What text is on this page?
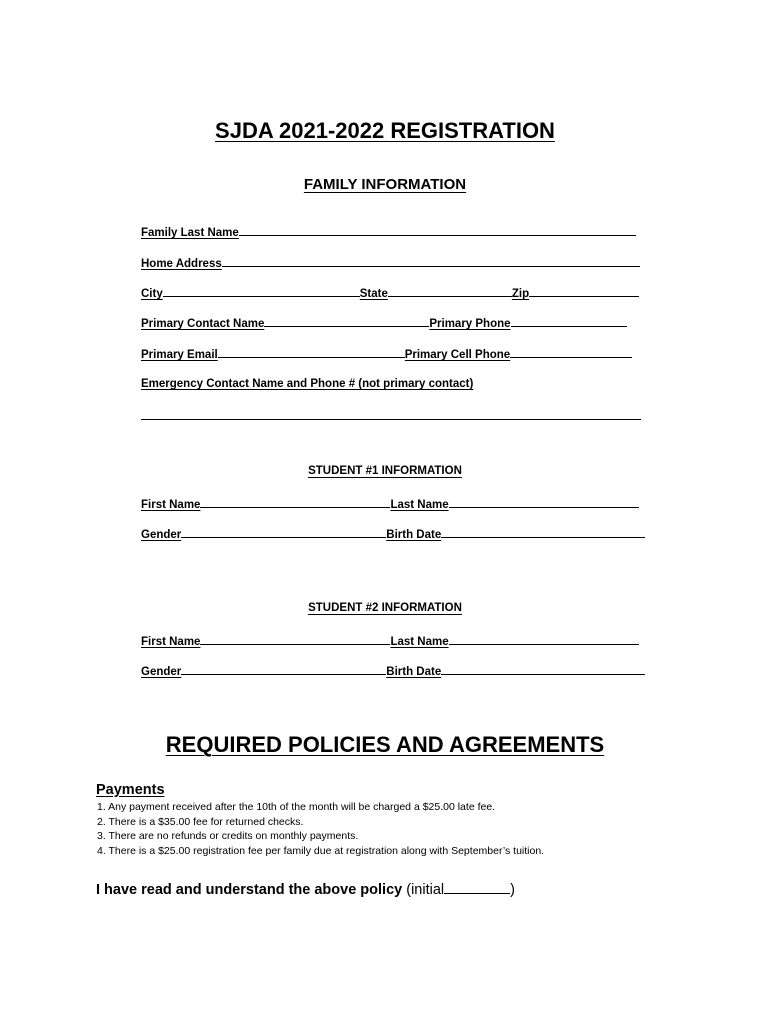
SJDA 2021-2022 REGISTRATION
FAMILY INFORMATION
Family Last Name
Home Address
City	State	Zip
Primary Contact Name	Primary Phone
Primary Email	Primary Cell Phone
Emergency Contact Name and Phone # (not primary contact)
STUDENT #1 INFORMATION
First Name	Last Name
Gender	Birth Date
STUDENT #2 INFORMATION
First Name	Last Name
Gender	Birth Date
REQUIRED POLICIES AND AGREEMENTS
Payments
1. Any payment received after the 10th of the month will be charged a $25.00 late fee.
2. There is a $35.00 fee for returned checks.
3. There are no refunds or credits on monthly payments.
4. There is a $25.00 registration fee per family due at registration along with September’s tuition.
I have read and understand the above policy (initial	)
